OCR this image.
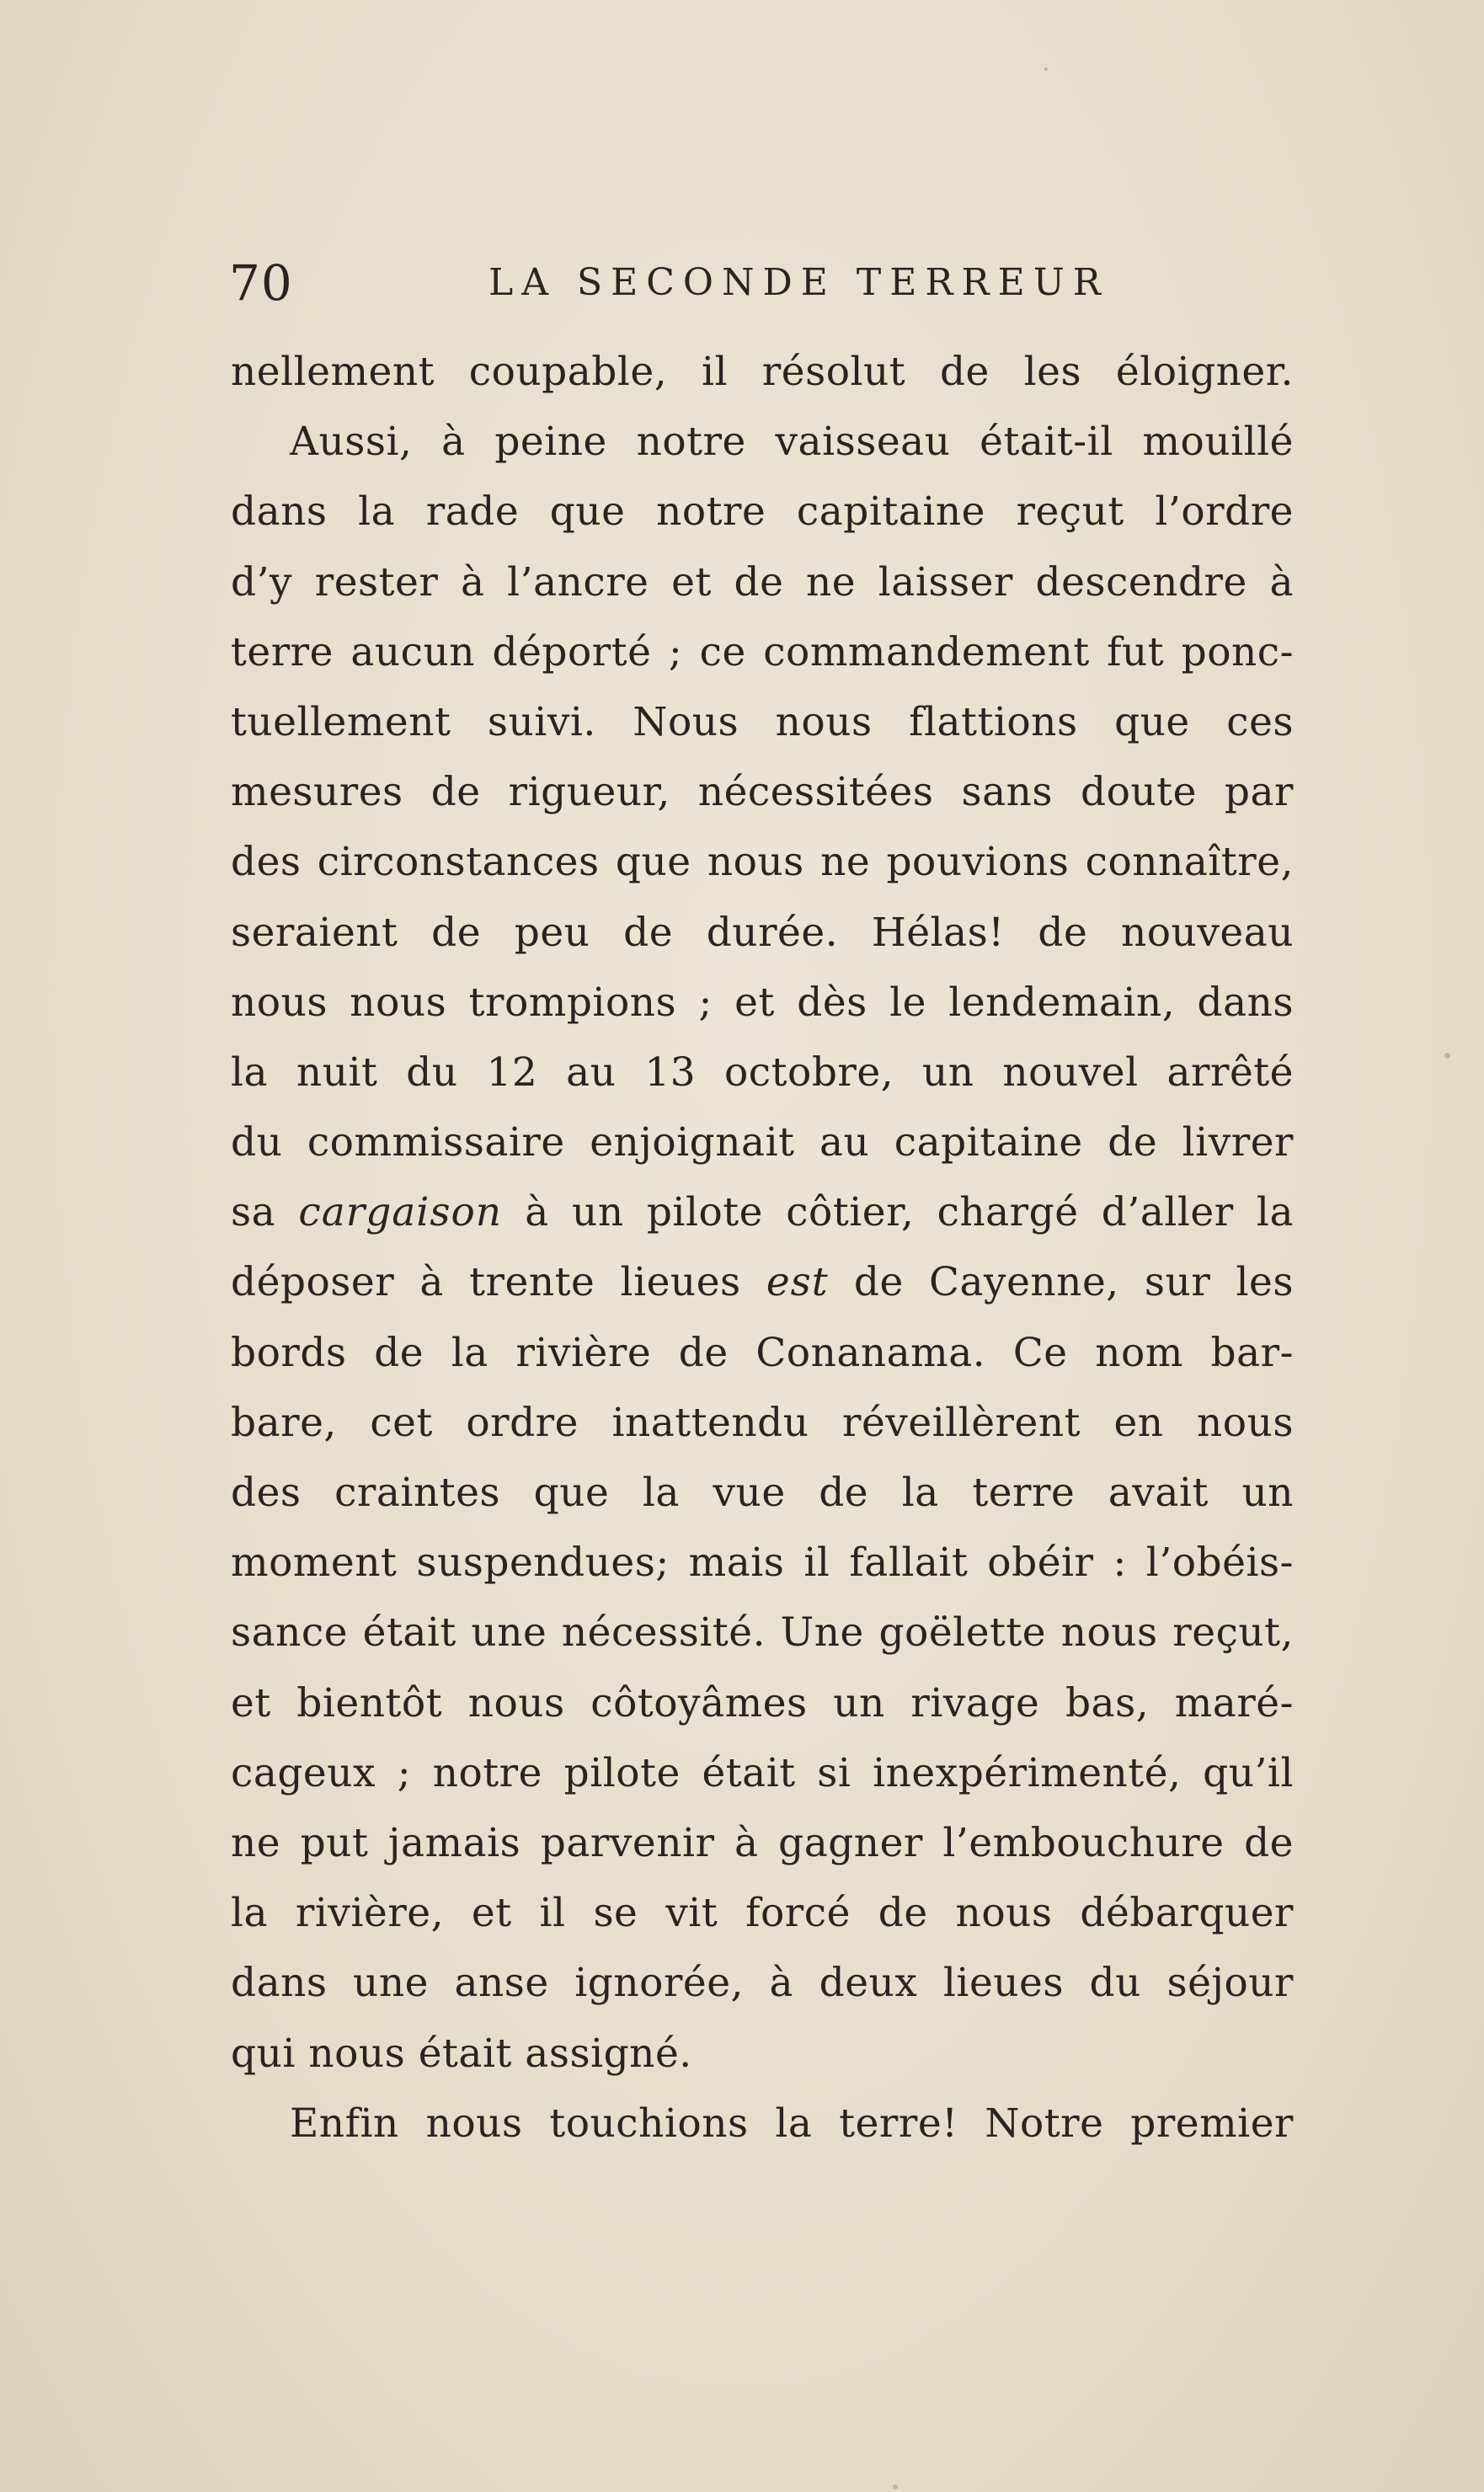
70	LA SECONDE TERREUR
nellement coupable, il résolut de les éloigner.
Aussi, à peine notre vaisseau était-il mouillé
dans la rade que notre capitaine reçut l’ordre
d’y rester à l’ancre et de ne laisser descendre à
terre aucun déporté ; ce commandement fut ponc-
tuellement suivi. Nous nous flattions que ces
mesures de rigueur, nécessitées sans doute par
des circonstances que nous ne pouvions connaître,
seraient de peu de durée. Hélas! de nouveau
nous nous trompions ; et dès le lendemain, dans
la nuit du 12 au 13 octobre, un nouvel arrêté
du commissaire enjoignait au capitaine de livrer
sa cargaison à un pilote côtier, chargé d’aller la
déposer à trente lieues est de Cayenne, sur les
bords de la rivière de Conanama. Ce nom bar-
bare, cet ordre inattendu réveillèrent en nous
des craintes que la vue de la terre avait un
moment suspendues; mais il fallait obéir : l’obéis-
sance était une nécessité. Une goëlette nous reçut,
et bientôt nous côtoyâmes un rivage bas, maré-
cageux ; notre pilote était si inexpérimenté, qu’il
ne put jamais parvenir à gagner l’embouchure de
la rivière, et il se vit forcé de nous débarquer
dans une anse ignorée, à deux lieues du séjour
qui nous était assigné.
Enfin nous touchions la terre! Notre premier
